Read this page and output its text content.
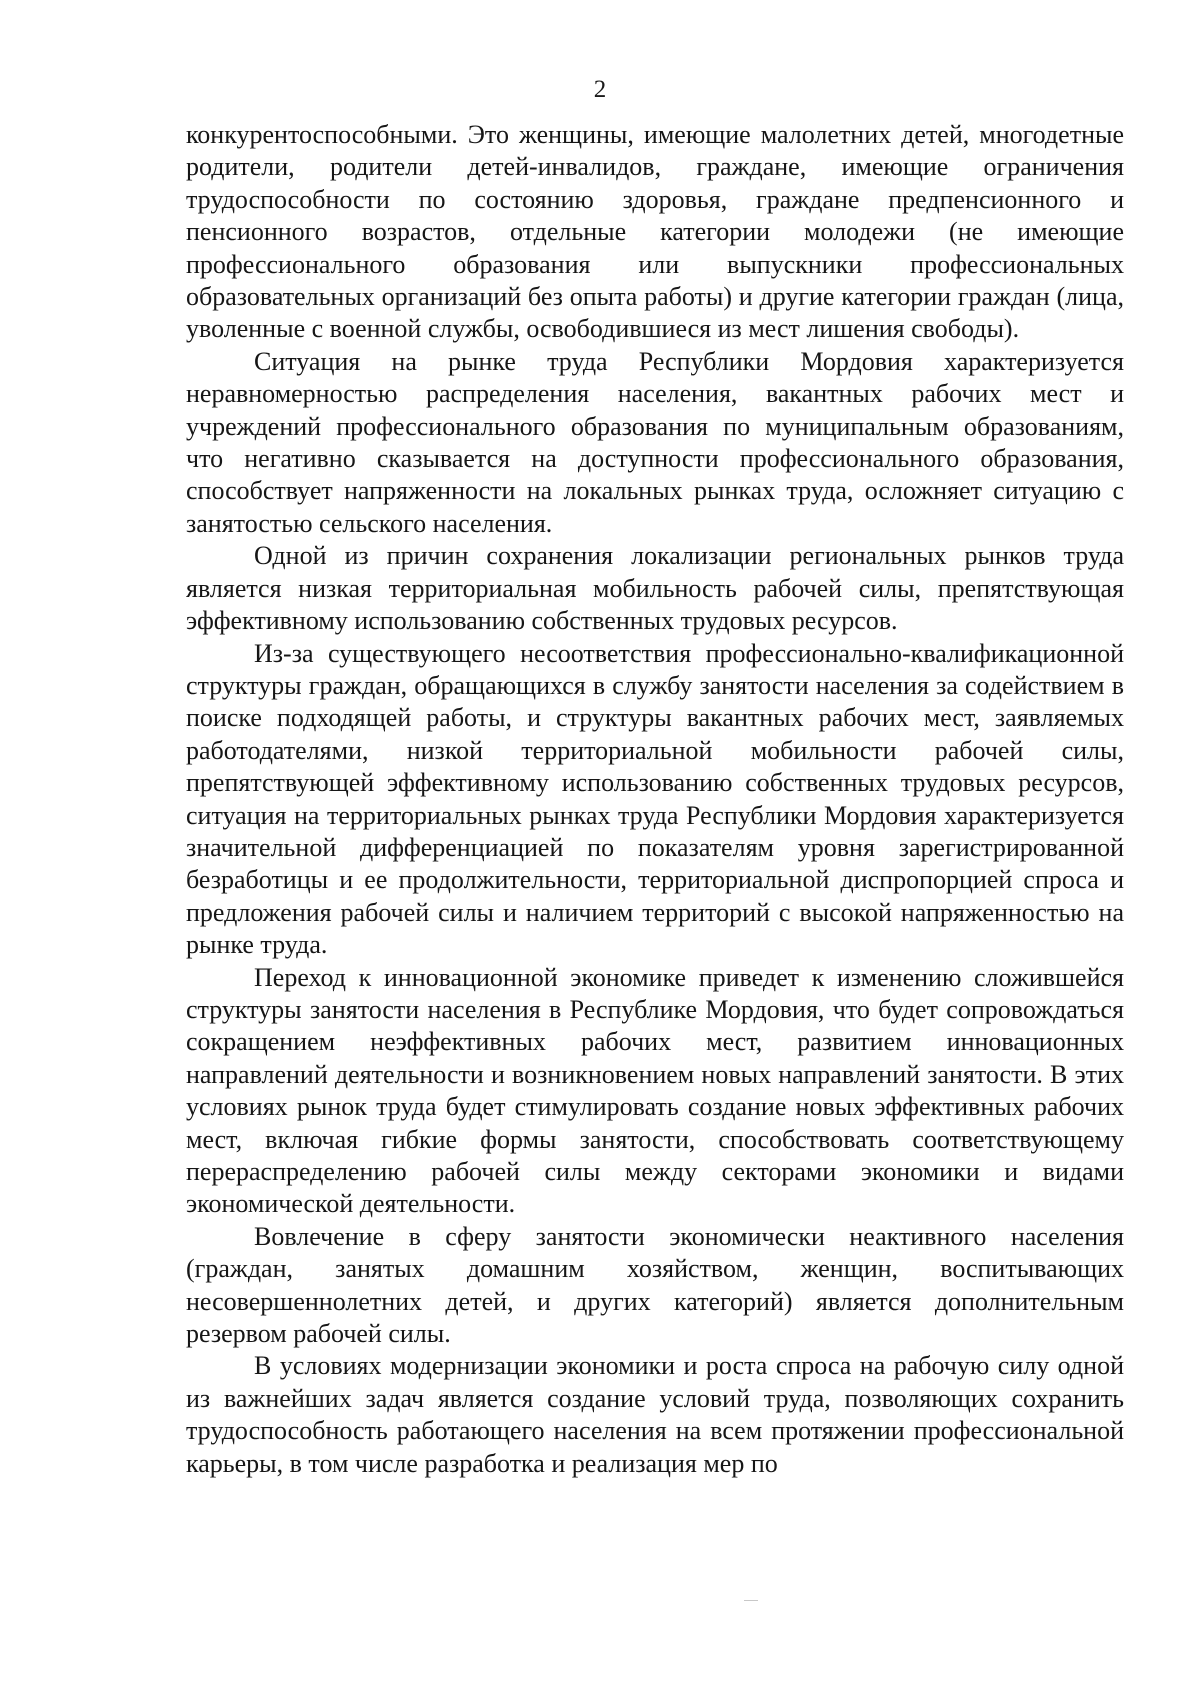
2

конкурентоспособными. Это женщины, имеющие малолетних детей, многодетные родители, родители детей-инвалидов, граждане, имеющие ограничения трудоспособности по состоянию здоровья, граждане предпенсионного и пенсионного возрастов, отдельные категории молодежи (не имеющие профессионального образования или выпускники профессиональных образовательных организаций без опыта работы) и другие категории граждан (лица, уволенные с военной службы, освободившиеся из мест лишения свободы).

Ситуация на рынке труда Республики Мордовия характеризуется неравномерностью распределения населения, вакантных рабочих мест и учреждений профессионального образования по муниципальным образованиям, что негативно сказывается на доступности профессионального образования, способствует напряженности на локальных рынках труда, осложняет ситуацию с занятостью сельского населения.

Одной из причин сохранения локализации региональных рынков труда является низкая территориальная мобильность рабочей силы, препятствующая эффективному использованию собственных трудовых ресурсов.

Из-за существующего несоответствия профессионально-квалификационной структуры граждан, обращающихся в службу занятости населения за содействием в поиске подходящей работы, и структуры вакантных рабочих мест, заявляемых работодателями, низкой территориальной мобильности рабочей силы, препятствующей эффективному использованию собственных трудовых ресурсов, ситуация на территориальных рынках труда Республики Мордовия характеризуется значительной дифференциацией по показателям уровня зарегистрированной безработицы и ее продолжительности, территориальной диспропорцией спроса и предложения рабочей силы и наличием территорий с высокой напряженностью на рынке труда.

Переход к инновационной экономике приведет к изменению сложившейся структуры занятости населения в Республике Мордовия, что будет сопровождаться сокращением неэффективных рабочих мест, развитием инновационных направлений деятельности и возникновением новых направлений занятости. В этих условиях рынок труда будет стимулировать создание новых эффективных рабочих мест, включая гибкие формы занятости, способствовать соответствующему перераспределению рабочей силы между секторами экономики и видами экономической деятельности.

Вовлечение в сферу занятости экономически неактивного населения (граждан, занятых домашним хозяйством, женщин, воспитывающих несовершеннолетних детей, и других категорий) является дополнительным резервом рабочей силы.

В условиях модернизации экономики и роста спроса на рабочую силу одной из важнейших задач является создание условий труда, позволяющих сохранить трудоспособность работающего населения на всем протяжении профессиональной карьеры, в том числе разработка и реализация мер по
